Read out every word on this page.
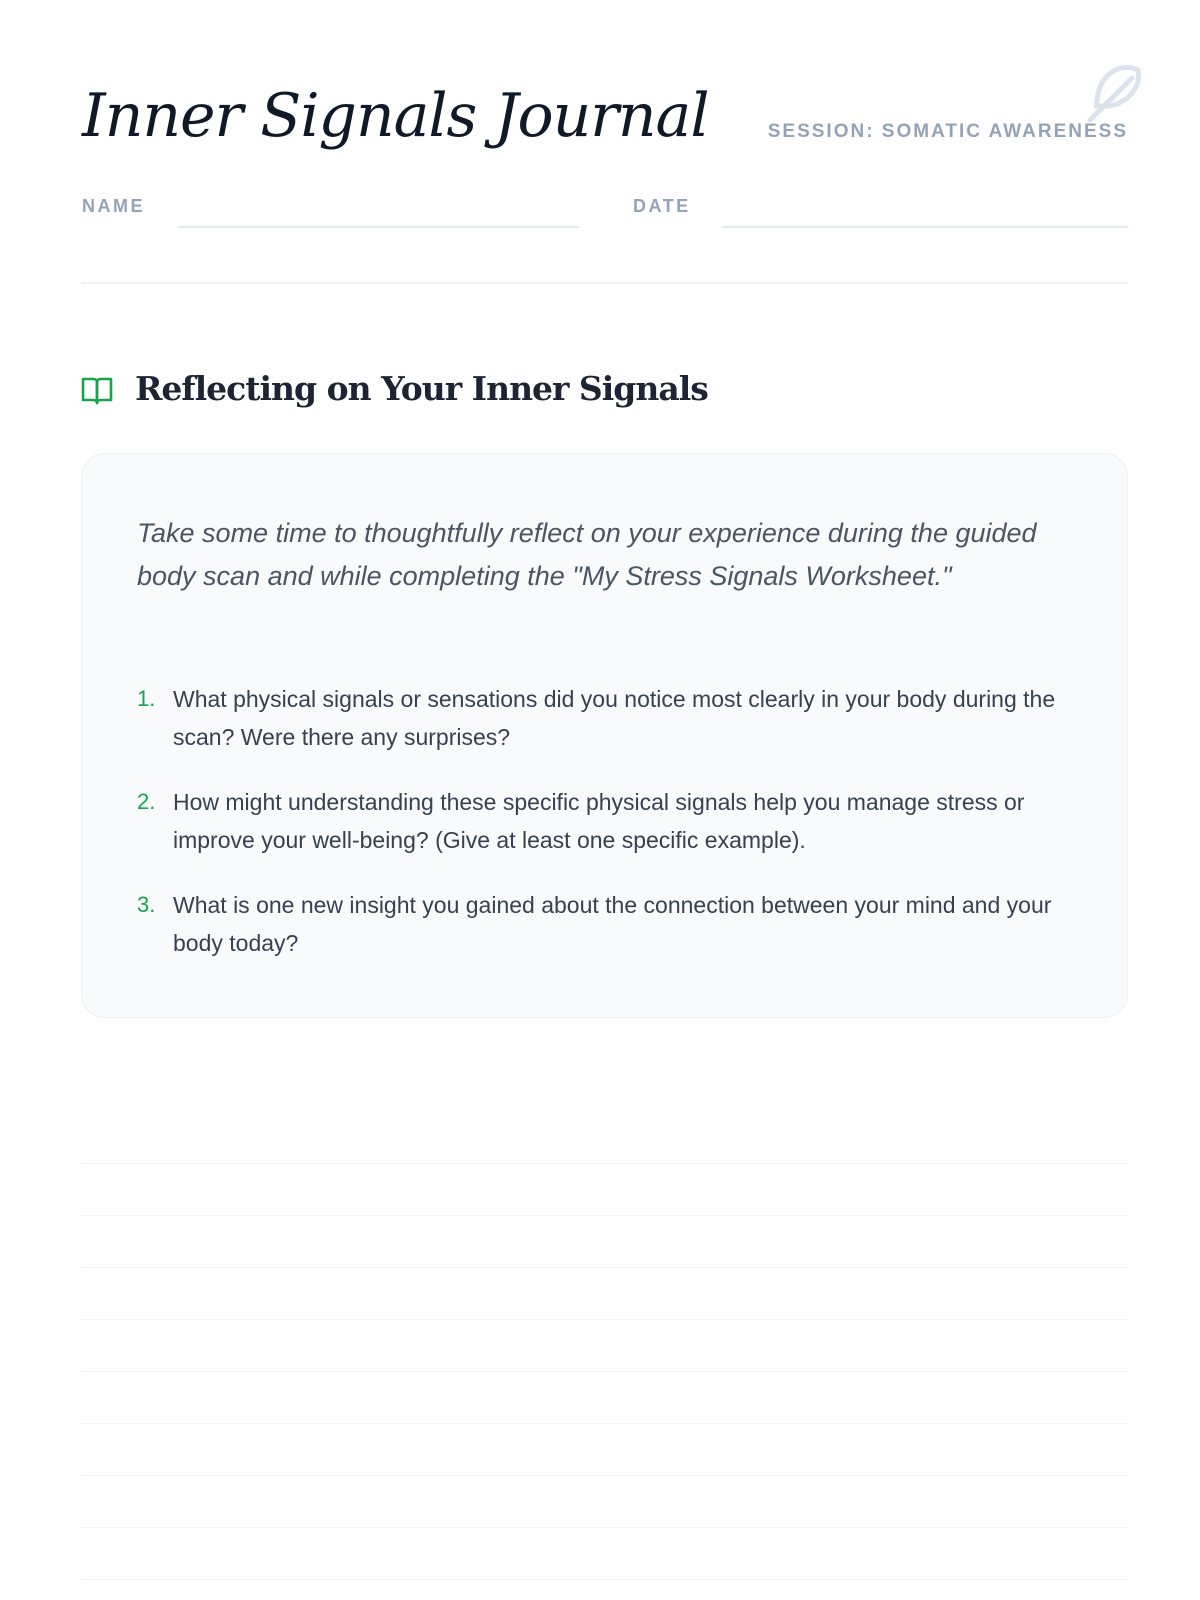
Inner Signals Journal	SESSION: SOMATIC AWARENESS
NAME	DATE
Reflecting on Your Inner Signals

Take some time to thoughtfully reflect on your experience during the guided body scan and while completing the "My Stress Signals Worksheet."

1. What physical signals or sensations did you notice most clearly in your body during the scan? Were there any surprises?

2. How might understanding these specific physical signals help you manage stress or improve your well-being? (Give at least one specific example).

3. What is one new insight you gained about the connection between your mind and your body today?
